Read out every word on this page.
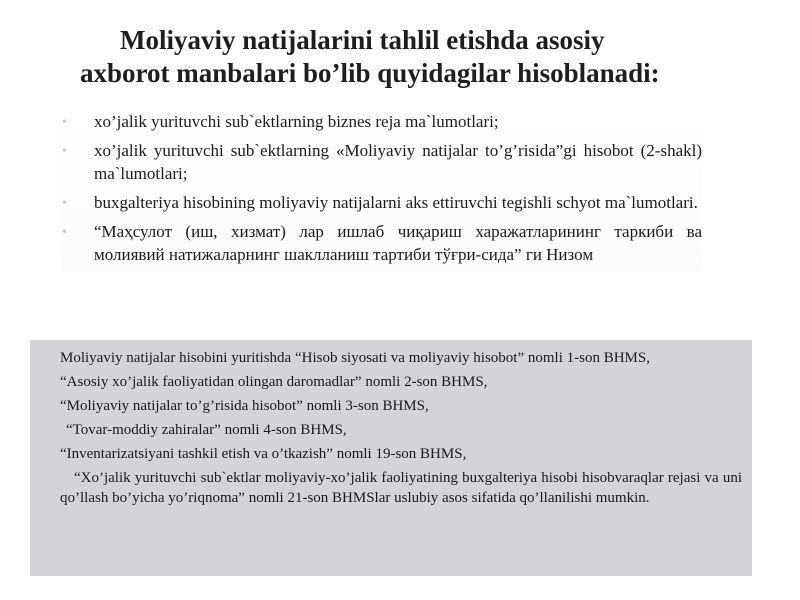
Moliyaviy natijalarini tahlil etishda asosiy
axborot manbalari bo’lib quyidagilar hisoblanadi:
• xo’jalik yurituvchi sub`ektlarning biznes reja ma`lumotlari;
• xo’jalik yurituvchi sub`ektlarning «Moliyaviy natijalar to’g’risida”gi hisobot (2-shakl) ma`lumotlari;
• buxgalteriya hisobining moliyaviy natijalarni aks ettiruvchi tegishli schyot ma`lumotlari.
• “Маҳсулот (иш, хизмат) лар ишлаб чиқариш харажатларининг таркиби ва молиявий натижаларнинг шаклланиш тартиби тўғри-сида” ги Низом

Moliyaviy natijalar hisobini yuritishda “Hisob siyosati va moliyaviy hisobot” nomli 1-son BHMS,

“Asosiy xo’jalik faoliyatidan olingan daromadlar” nomli 2-son BHMS,

“Moliyaviy natijalar to’g’risida hisobot” nomli 3-son BHMS,

“Tovar-moddiy zahiralar” nomli 4-son BHMS,

“Inventarizatsiyani tashkil etish va o’tkazish” nomli 19-son BHMS,

“Xo’jalik yurituvchi sub`ektlar moliyaviy-xo’jalik faoliyatining buxgalteriya hisobi hisobvaraqlar rejasi va uni qo’llash bo’yicha yo’riqnoma” nomli 21-son BHMSlar uslubiy asos sifatida qo’llanilishi mumkin.
